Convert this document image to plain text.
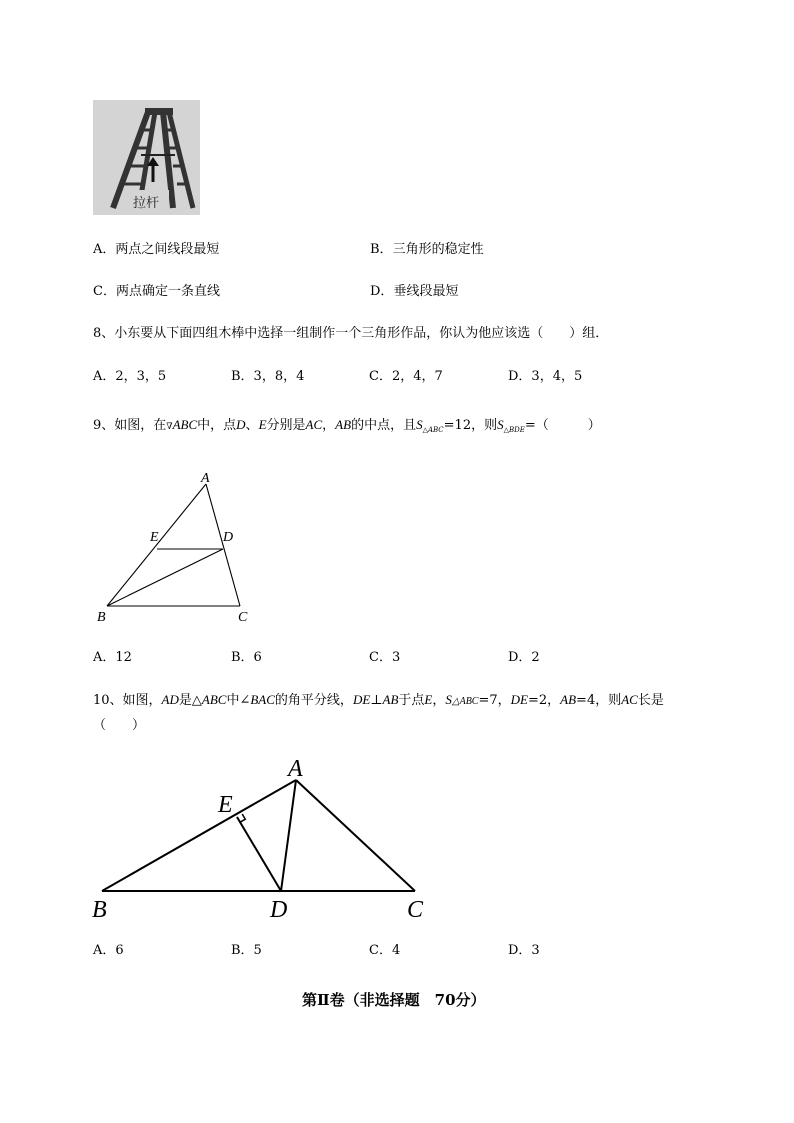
拉杆
A．两点之间线段最短	B．三角形的稳定性
C．两点确定一条直线	D．垂线段最短
8、小东要从下面四组木棒中选择一组制作一个三角形作品，你认为他应该选（　　）组．
A．2，3，5	B．3，8，4	C．2，4，7	D．3，4，5
9、如图，在∇ABC中，点D、E分别是AC，AB的中点，且$S_{\triangle ABC}=12$，则$S_{\triangle BDE}=$（　　　）
A
E	D
B	C
A．12	B．6	C．3	D．2
10、如图，AD是△ABC中∠BAC的角平分线，DE⊥AB于点E，S△ABC=7，DE=2，AB=4，则AC长是
（　　）
A
E
B	D	C
A．6	B．5	C．4	D．3
第Ⅱ卷（非选择题　70分）
